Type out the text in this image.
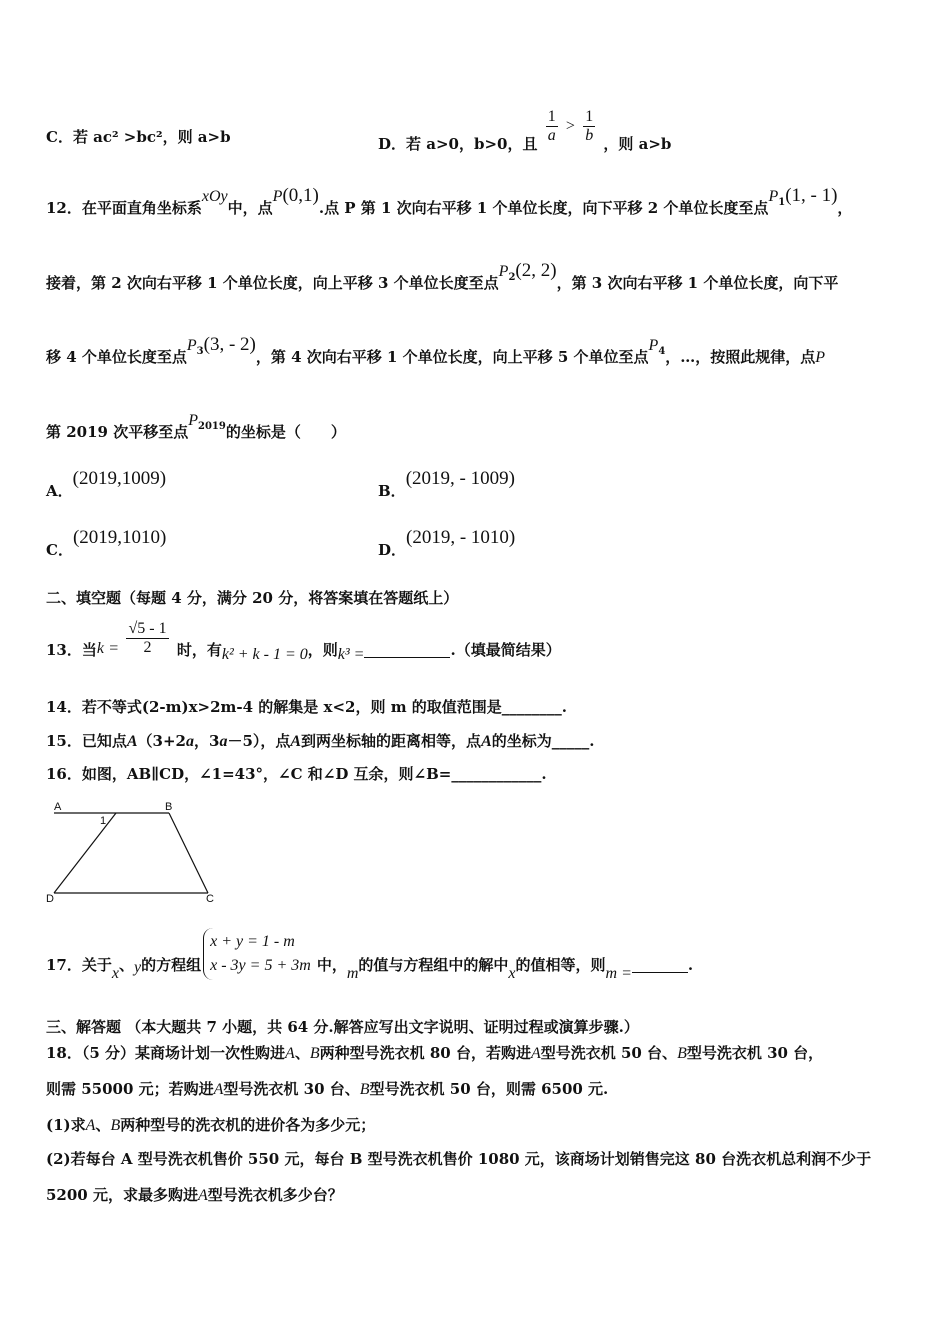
C．若 ac² >bc²，则 a>b	D．若 a>0，b>0，且 $\frac{1}{a} > \frac{1}{b}$ ，则 a>b
12．在平面直角坐标系xOy中，点P(0,1).点 P 第 1 次向右平移 1 个单位长度，向下平移 2 个单位长度至点$P^1(1$, - 1)，
接着，第 2 次向右平移 1 个单位长度，向上平移 3 个单位长度至点$P^2(2$, 2)，第 3 次向右平移 1 个单位长度，向下平
移 4 个单位长度至点$P^3(3$, - 2)，第 4 次向右平移 1 个单位长度，向上平移 5 个单位至点$P^4$，…，按照此规律，点P
第 2019 次平移至点$P^{2019}$的坐标是（　　）
A．(2019,1009)
B．(2019, - 1009)
C．(2019,1010)
D．(2019, - 1010)
二、填空题（每题 4 分，满分 20 分，将答案填在答题纸上）
13．当$k = \frac{√5 - 1}{2}$ 时，有k² + k - 1 = 0，则k³ =	.（填最简结果）
14．若不等式(2-m)x>2m-4 的解集是 x<2，则 m 的取值范围是________.
15．已知点A（3+2a，3a－5），点A到两坐标轴的距离相等，点A的坐标为_____.
16．如图，AB∥CD，∠1=43°，∠C 和∠D 互余，则∠B=____________.
A	B
D	C
1
17．关于x、y的方程组x + y = 1 - m
x - 3y = 5 + 3m 中，m的值与方程组中的解中x的值相等，则m =	.
三、解答题 （本大题共 7 小题，共 64 分.解答应写出文字说明、证明过程或演算步骤.）
18．（5 分）某商场计划一次性购进A、B两种型号洗衣机 80 台，若购进A型号洗衣机 50 台、B型号洗衣机 30 台，
则需 55000 元；若购进A型号洗衣机 30 台、B型号洗衣机 50 台，则需 6500 元.
(1)求A、B两种型号的洗衣机的进价各为多少元；
(2)若每台 A 型号洗衣机售价 550 元，每台 B 型号洗衣机售价 1080 元，该商场计划销售完这 80 台洗衣机总利润不少于
5200 元，求最多购进A型号洗衣机多少台？
